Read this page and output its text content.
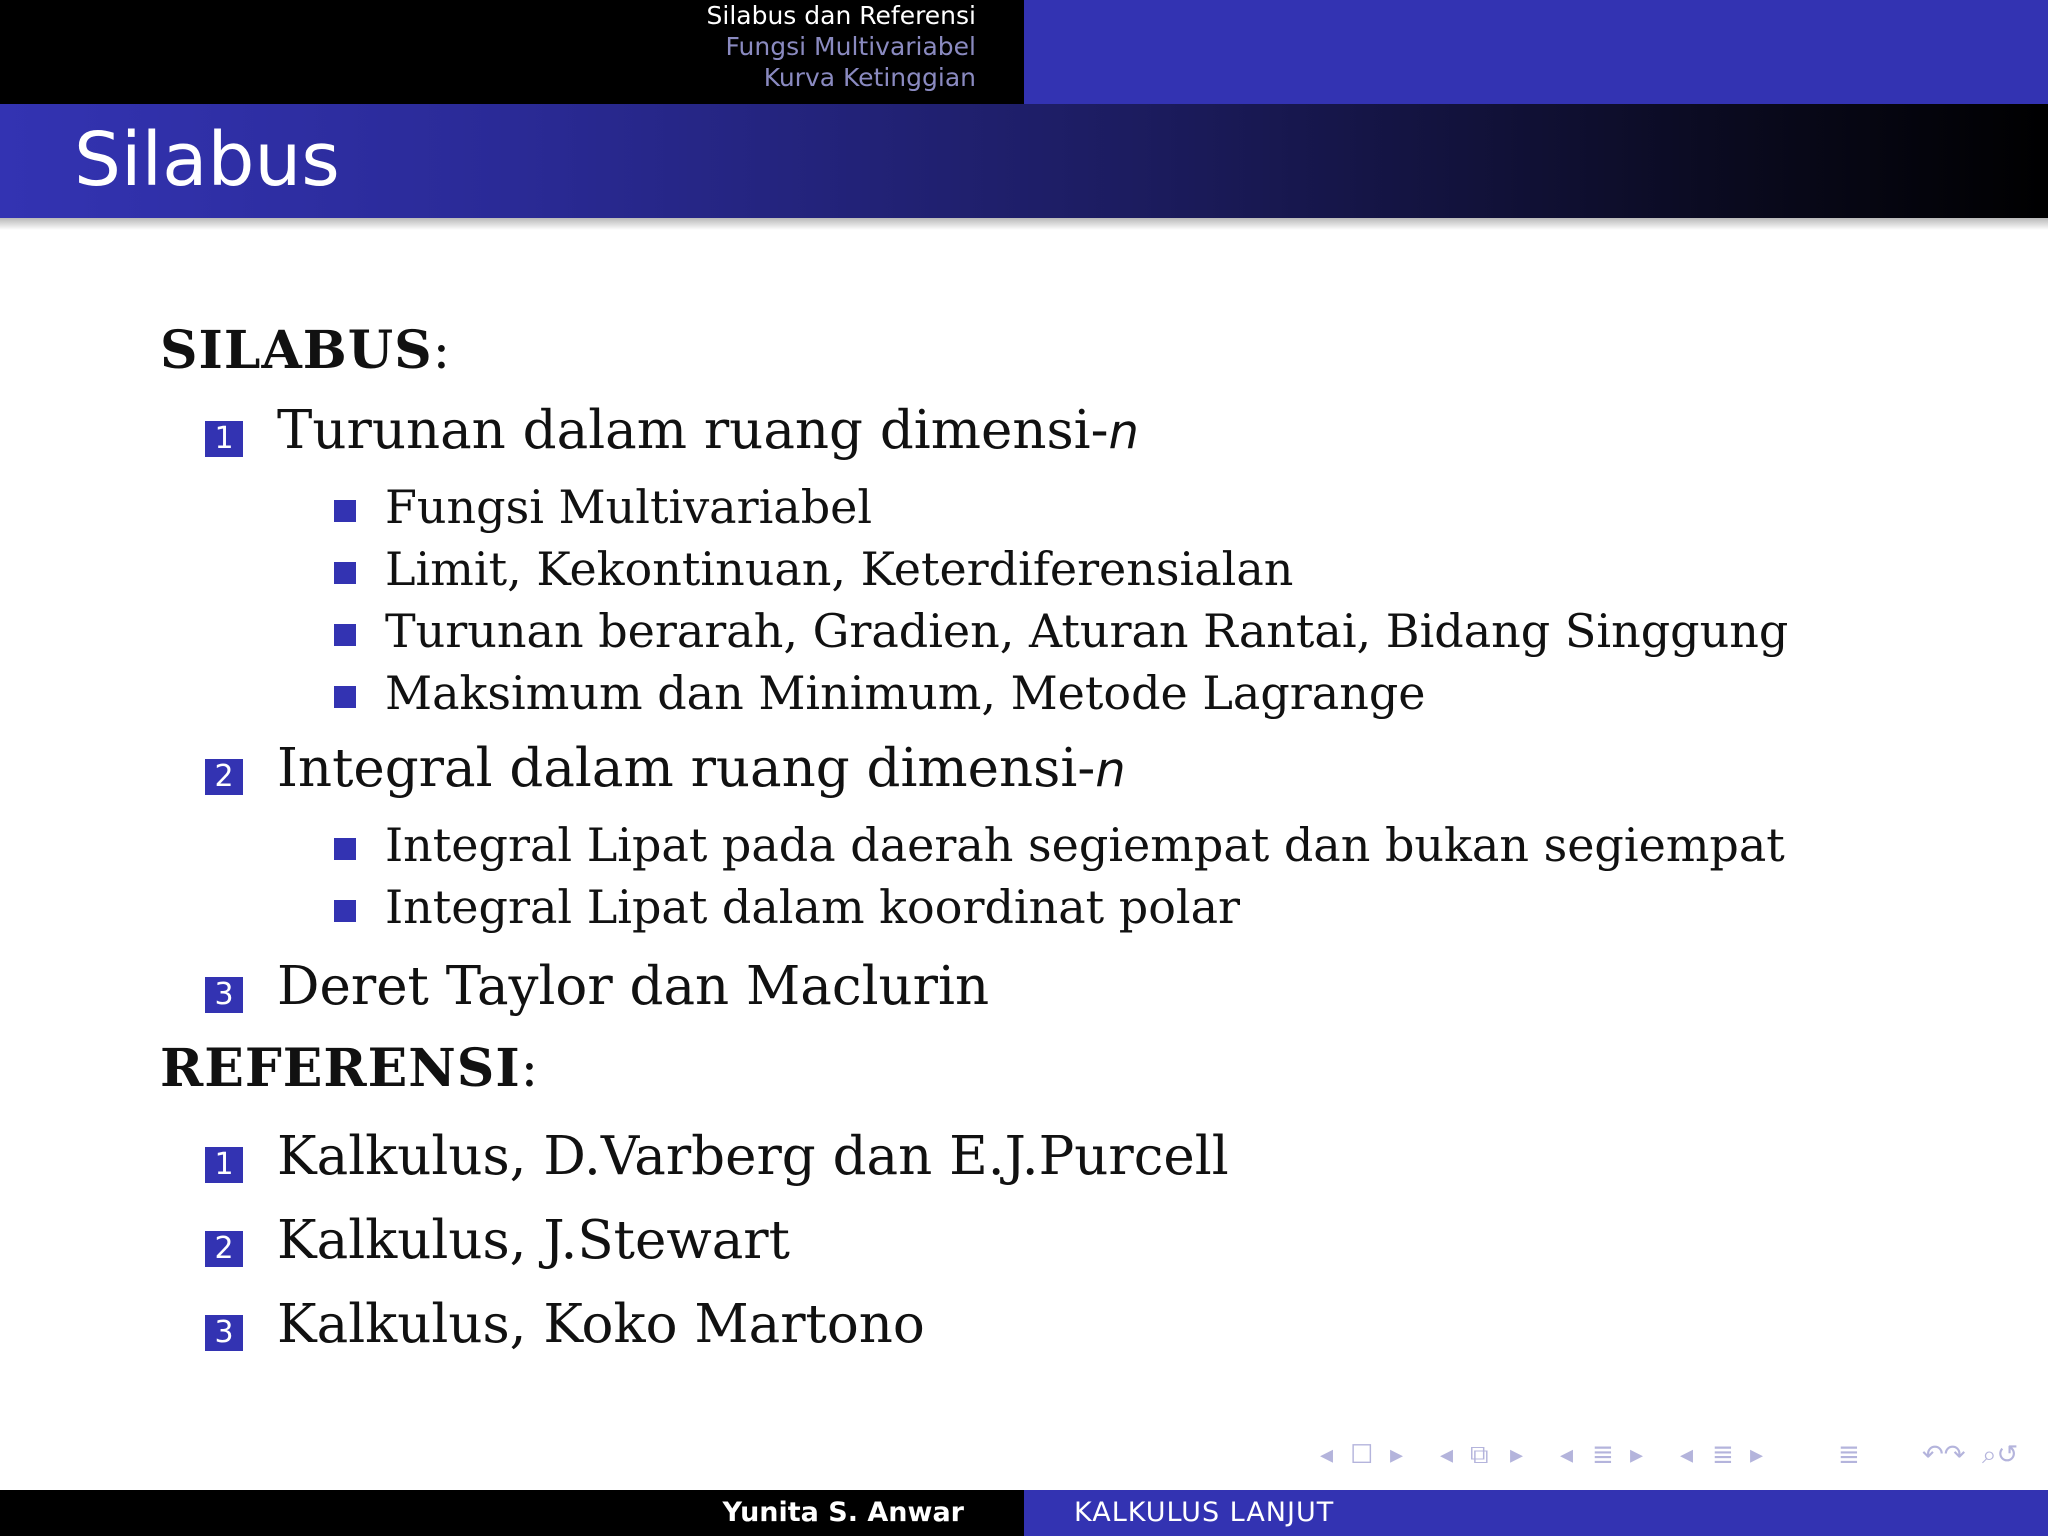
Silabus dan Referensi
Fungsi Multivariabel
Kurva Ketinggian
Silabus
SILABUS:
1 Turunan dalam ruang dimensi-n
Fungsi Multivariabel
Limit, Kekontinuan, Keterdiferensialan
Turunan berarah, Gradien, Aturan Rantai, Bidang Singgung
Maksimum dan Minimum, Metode Lagrange
2 Integral dalam ruang dimensi-n
Integral Lipat pada daerah segiempat dan bukan segiempat
Integral Lipat dalam koordinat polar
3 Deret Taylor dan Maclurin
REFERENSI:
1 Kalkulus, D.Varberg dan E.J.Purcell
2 Kalkulus, J.Stewart
3 Kalkulus, Koko Martono
◂ ☐ ▸ ◂ ⧉ ▸ ◂ ≣ ▸ ◂ ≣ ▸	≣ ↶↷ ⌕↺
Yunita S. Anwar	KALKULUS LANJUT
